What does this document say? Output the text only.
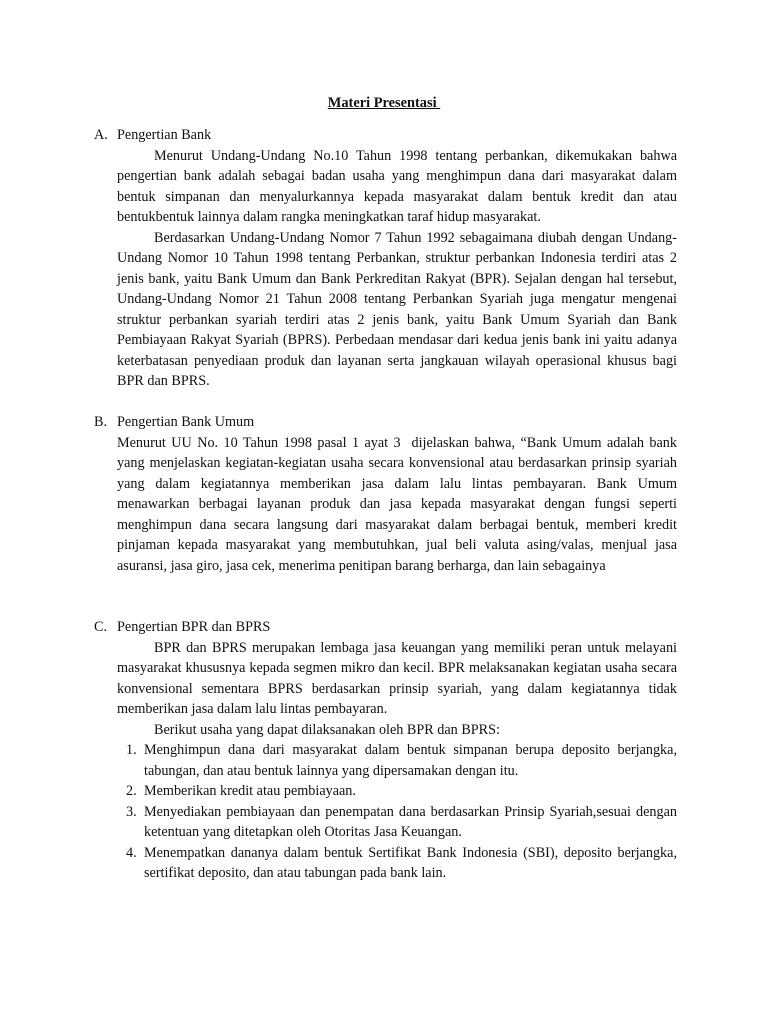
Materi Presentasi
A. Pengertian Bank

Menurut Undang-Undang No.10 Tahun 1998 tentang perbankan, dikemukakan bahwa pengertian bank adalah sebagai badan usaha yang menghimpun dana dari masyarakat dalam bentuk simpanan dan menyalurkannya kepada masyarakat dalam bentuk kredit dan atau bentukbentuk lainnya dalam rangka meningkatkan taraf hidup masyarakat.

Berdasarkan Undang-Undang Nomor 7 Tahun 1992 sebagaimana diubah dengan Undang-Undang Nomor 10 Tahun 1998 tentang Perbankan, struktur perbankan Indonesia terdiri atas 2 jenis bank, yaitu Bank Umum dan Bank Perkreditan Rakyat (BPR). Sejalan dengan hal tersebut, Undang-Undang Nomor 21 Tahun 2008 tentang Perbankan Syariah juga mengatur mengenai struktur perbankan syariah terdiri atas 2 jenis bank, yaitu Bank Umum Syariah dan Bank Pembiayaan Rakyat Syariah (BPRS). Perbedaan mendasar dari kedua jenis bank ini yaitu adanya keterbatasan penyediaan produk dan layanan serta jangkauan wilayah operasional khusus bagi BPR dan BPRS.

B. Pengertian Bank Umum

Menurut UU No. 10 Tahun 1998 pasal 1 ayat 3  dijelaskan bahwa, “Bank Umum adalah bank yang menjelaskan kegiatan-kegiatan usaha secara konvensional atau berdasarkan prinsip syariah yang dalam kegiatannya memberikan jasa dalam lalu lintas pembayaran. Bank Umum menawarkan berbagai layanan produk dan jasa kepada masyarakat dengan fungsi seperti menghimpun dana secara langsung dari masyarakat dalam berbagai bentuk, memberi kredit pinjaman kepada masyarakat yang membutuhkan, jual beli valuta asing/valas, menjual jasa asuransi, jasa giro, jasa cek, menerima penitipan barang berharga, dan lain sebagainya

C. Pengertian BPR dan BPRS

BPR dan BPRS merupakan lembaga jasa keuangan yang memiliki peran untuk melayani masyarakat khususnya kepada segmen mikro dan kecil. BPR melaksanakan kegiatan usaha secara konvensional sementara BPRS berdasarkan prinsip syariah, yang dalam kegiatannya tidak memberikan jasa dalam lalu lintas pembayaran.

Berikut usaha yang dapat dilaksanakan oleh BPR dan BPRS:

1. Menghimpun dana dari masyarakat dalam bentuk simpanan berupa deposito berjangka, tabungan, dan atau bentuk lainnya yang dipersamakan dengan itu.
2. Memberikan kredit atau pembiayaan.
3. Menyediakan pembiayaan dan penempatan dana berdasarkan Prinsip Syariah,sesuai dengan ketentuan yang ditetapkan oleh Otoritas Jasa Keuangan.
4. Menempatkan dananya dalam bentuk Sertifikat Bank Indonesia (SBI), deposito berjangka, sertifikat deposito, dan atau tabungan pada bank lain.
